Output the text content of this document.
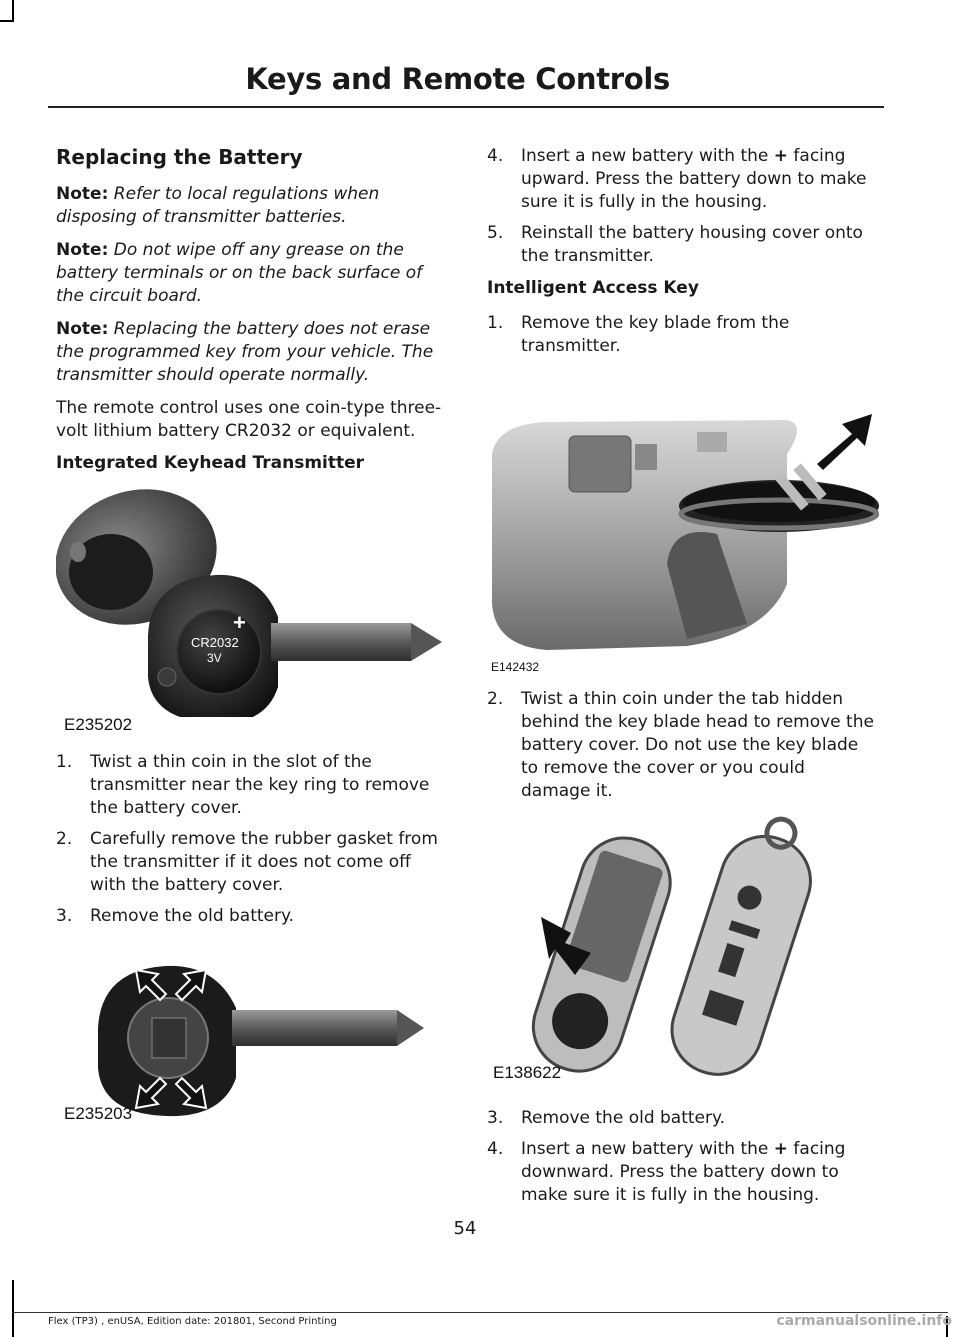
Keys and Remote Controls
Replacing the Battery

Note: Refer to local regulations when disposing of transmitter batteries.

Note: Do not wipe off any grease on the battery terminals or on the back surface of the circuit board.

Note: Replacing the battery does not erase the programmed key from your vehicle. The transmitter should operate normally.

The remote control uses one coin-type three-volt lithium battery CR2032 or equivalent.

Integrated Keyhead Transmitter
+
CR2032
3V
E235202
1. Twist a thin coin in the slot of the transmitter near the key ring to remove the battery cover.
2. Carefully remove the rubber gasket from the transmitter if it does not come off with the battery cover.
3. Remove the old battery.
E235203
4. Insert a new battery with the + facing upward. Press the battery down to make sure it is fully in the housing.
5. Reinstall the battery housing cover onto the transmitter.
Intelligent Access Key
1. Remove the key blade from the transmitter.
E142432
2. Twist a thin coin under the tab hidden behind the key blade head to remove the battery cover. Do not use the key blade to remove the cover or you could damage it.
E138622
3. Remove the old battery.
4. Insert a new battery with the + facing downward. Press the battery down to make sure it is fully in the housing.
54
Flex (TP3) , enUSA, Edition date: 201801, Second Printing	carmanualsonline.info
